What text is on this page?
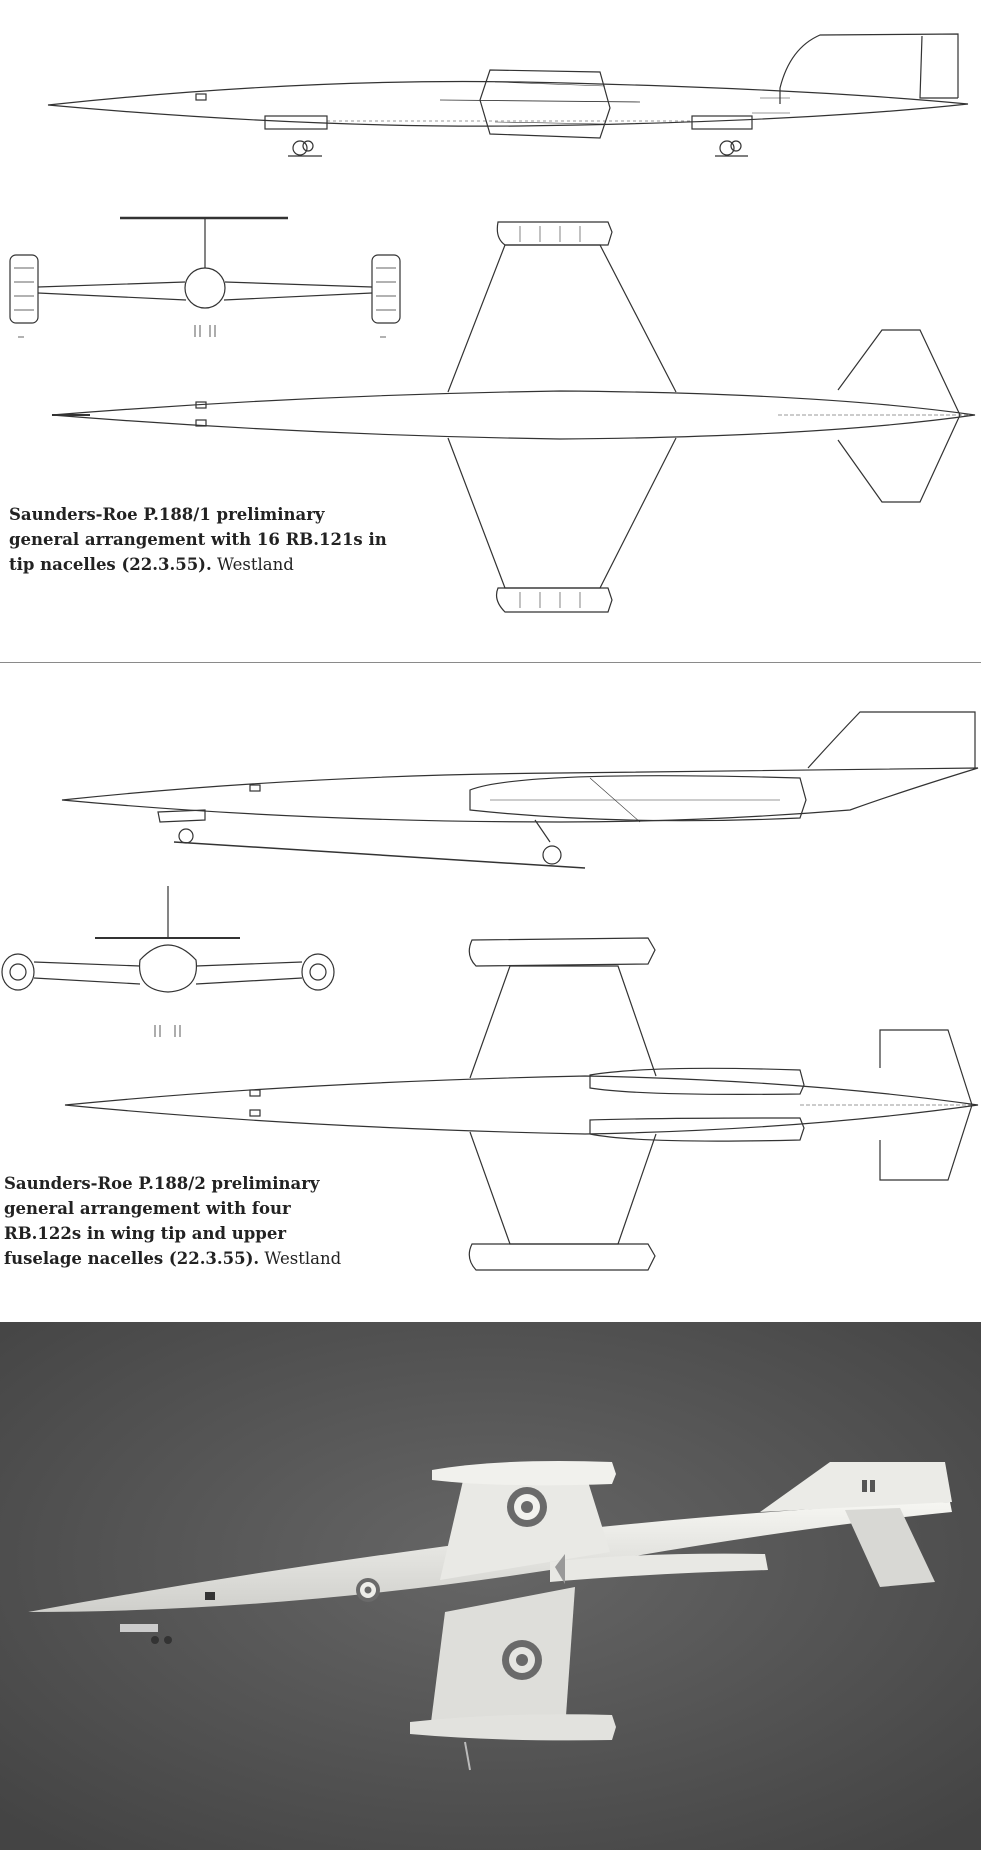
Saunders-Roe P.188/1 preliminary general arrangement with 16 RB.121s in tip nacelles (22.3.55). Westland
Saunders-Roe P.188/2 preliminary general arrangement with four RB.122s in wing tip and upper fuselage nacelles (22.3.55). Westland
